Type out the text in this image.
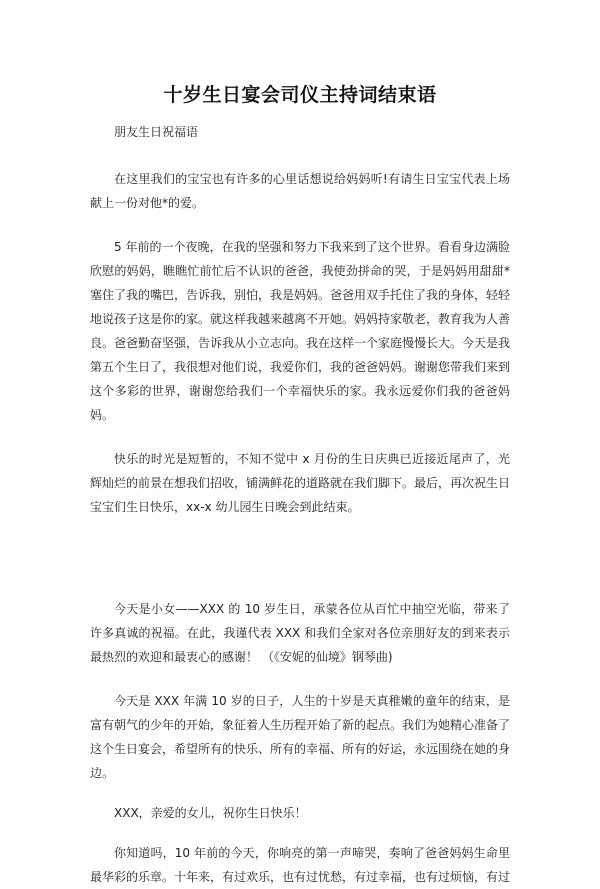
十岁生日宴会司仪主持词结束语

朋友生日祝福语

在这里我们的宝宝也有许多的心里话想说给妈妈听!有请生日宝宝代表上场献上一份对他*的爱。

5 年前的一个夜晚，在我的坚强和努力下我来到了这个世界。看看身边满脸欣慰的妈妈，瞧瞧忙前忙后不认识的爸爸，我使劲拼命的哭，于是妈妈用甜甜*塞住了我的嘴巴，告诉我，别怕，我是妈妈。爸爸用双手托住了我的身体，轻轻地说孩子这是你的家。就这样我越来越离不开她。妈妈持家敬老，教育我为人善良。爸爸勤奋坚强，告诉我从小立志向。我在这样一个家庭慢慢长大。今天是我第五个生日了，我很想对他们说，我爱你们，我的爸爸妈妈。谢谢您带我们来到这个多彩的世界，谢谢您给我们一个幸福快乐的家。我永远爱你们我的爸爸妈妈。

快乐的时光是短暂的，不知不觉中 x 月份的生日庆典已近接近尾声了，光辉灿烂的前景在想我们招收，铺满鲜花的道路就在我们脚下。最后，再次祝生日宝宝们生日快乐，xx-x 幼儿园生日晚会到此结束。

今天是小女——XXX 的 10 岁生日，承蒙各位从百忙中抽空光临，带来了许多真诚的祝福。在此，我谨代表 XXX 和我们全家对各位亲朋好友的到来表示最热烈的欢迎和最衷心的感谢！ （《安妮的仙境》钢琴曲)

今天是 XXX 年满 10 岁的日子，人生的十岁是天真稚嫩的童年的结束，是富有朝气的少年的开始，象征着人生历程开始了新的起点。我们为她精心准备了这个生日宴会，希望所有的快乐、所有的幸福、所有的好运，永远围绕在她的身边。

XXX，亲爱的女儿，祝你生日快乐！

你知道吗，10 年前的今天，你响亮的第一声啼哭，奏响了爸爸妈妈生命里最华彩的乐章。十年来，有过欢乐，也有过忧愁，有过幸福，也有过烦恼，有过
